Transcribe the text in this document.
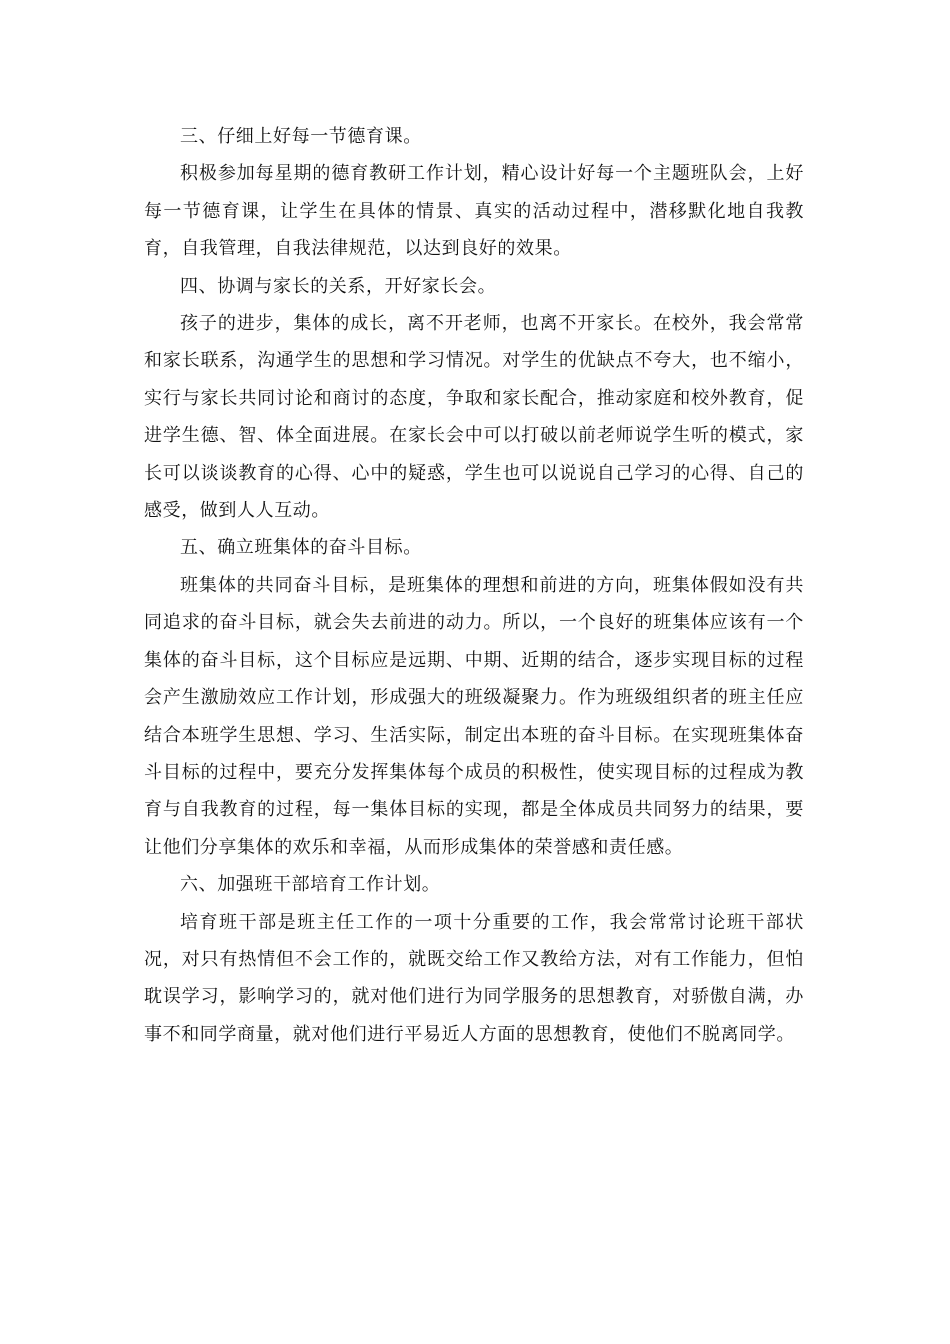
三、仔细上好每一节德育课。

积极参加每星期的德育教研工作计划，精心设计好每一个主题班队会，上好每一节德育课，让学生在具体的情景、真实的活动过程中，潜移默化地自我教育，自我管理，自我法律规范，以达到良好的效果。

四、协调与家长的关系，开好家长会。

孩子的进步，集体的成长，离不开老师，也离不开家长。在校外，我会常常和家长联系，沟通学生的思想和学习情况。对学生的优缺点不夸大，也不缩小，实行与家长共同讨论和商讨的态度，争取和家长配合，推动家庭和校外教育，促进学生德、智、体全面进展。在家长会中可以打破以前老师说学生听的模式，家长可以谈谈教育的心得、心中的疑惑，学生也可以说说自己学习的心得、自己的感受，做到人人互动。

五、确立班集体的奋斗目标。

班集体的共同奋斗目标，是班集体的理想和前进的方向，班集体假如没有共同追求的奋斗目标，就会失去前进的动力。所以，一个良好的班集体应该有一个集体的奋斗目标，这个目标应是远期、中期、近期的结合，逐步实现目标的过程会产生激励效应工作计划，形成强大的班级凝聚力。作为班级组织者的班主任应结合本班学生思想、学习、生活实际，制定出本班的奋斗目标。在实现班集体奋斗目标的过程中，要充分发挥集体每个成员的积极性，使实现目标的过程成为教育与自我教育的过程，每一集体目标的实现，都是全体成员共同努力的结果，要让他们分享集体的欢乐和幸福，从而形成集体的荣誉感和责任感。

六、加强班干部培育工作计划。

培育班干部是班主任工作的一项十分重要的工作，我会常常讨论班干部状况，对只有热情但不会工作的，就既交给工作又教给方法，对有工作能力，但怕耽误学习，影响学习的，就对他们进行为同学服务的思想教育，对骄傲自满，办事不和同学商量，就对他们进行平易近人方面的思想教育，使他们不脱离同学。
